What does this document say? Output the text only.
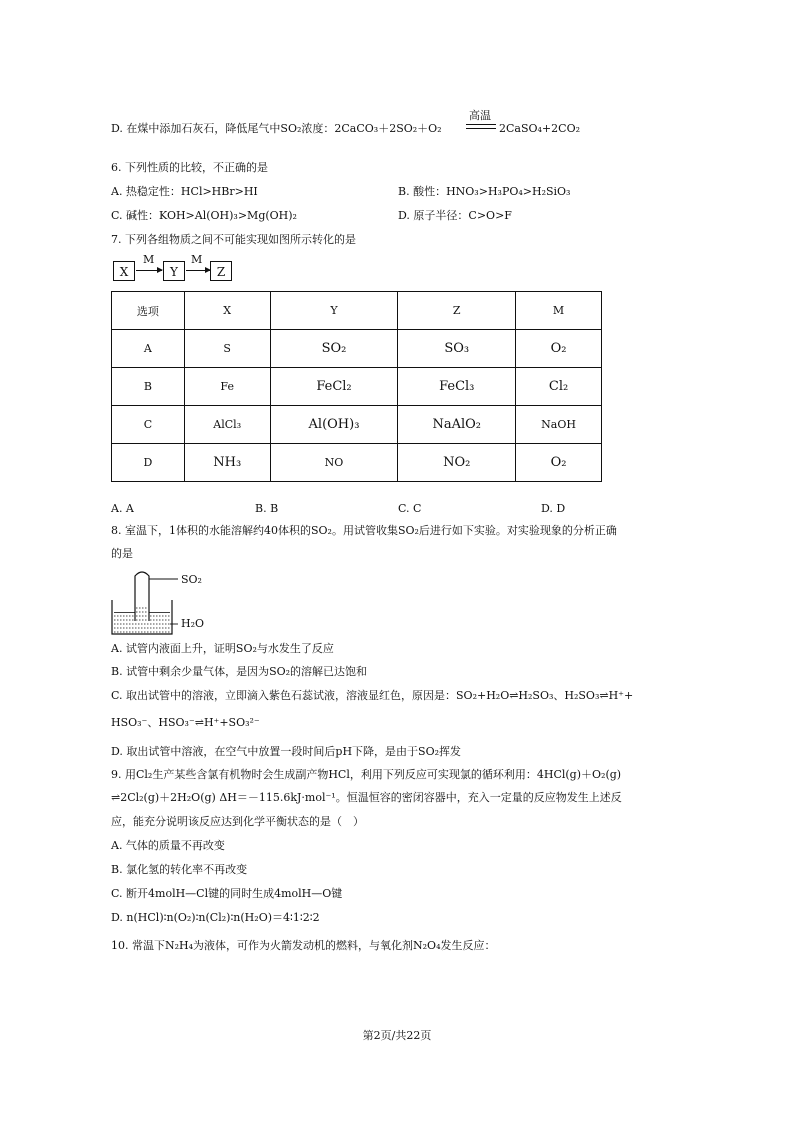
D. 在煤中添加石灰石，降低尾气中SO₂浓度：2CaCO₃＋2SO₂＋O₂
高温
2CaSO₄+2CO₂
6. 下列性质的比较，不正确的是
A. 热稳定性：HCl>HBr>HI	B. 酸性：HNO₃>H₃PO₄>H₂SiO₃
C. 碱性：KOH>Al(OH)₃>Mg(OH)₂	D. 原子半径：C>O>F
7. 下列各组物质之间不可能实现如图所示转化的是
X
M
Y
M
Z
选项	X	Y	Z	M
A	S	SO₂	SO₃	O₂
B	Fe	FeCl₂	FeCl₃	Cl₂
C	AlCl₃	Al(OH)₃	NaAlO₂	NaOH
D	NH₃	NO	NO₂	O₂
A. A	B. B	C. C	D. D
8. 室温下，1体积的水能溶解约40体积的SO₂。用试管收集SO₂后进行如下实验。对实验现象的分析正确
的是
SO₂
H₂O
A. 试管内液面上升，证明SO₂与水发生了反应
B. 试管中剩余少量气体，是因为SO₂的溶解已达饱和
C. 取出试管中的溶液，立即滴入紫色石蕊试液，溶液显红色，原因是：SO₂+H₂O⇌H₂SO₃、H₂SO₃⇌H⁺+
HSO₃⁻、HSO₃⁻⇌H⁺+SO₃²⁻
D. 取出试管中溶液，在空气中放置一段时间后pH下降，是由于SO₂挥发
9. 用Cl₂生产某些含氯有机物时会生成副产物HCl，利用下列反应可实现氯的循环利用：4HCl(g)＋O₂(g)
⇌2Cl₂(g)＋2H₂O(g) ΔH＝－115.6kJ·mol⁻¹。恒温恒容的密闭容器中，充入一定量的反应物发生上述反
应，能充分说明该反应达到化学平衡状态的是（　）
A. 气体的质量不再改变
B. 氯化氢的转化率不再改变
C. 断开4molH—Cl键的同时生成4molH—O键
D. n(HCl)∶n(O₂)∶n(Cl₂)∶n(H₂O)＝4∶1∶2∶2
10. 常温下N₂H₄为液体，可作为火箭发动机的燃料，与氧化剂N₂O₄发生反应：
第2页/共22页
